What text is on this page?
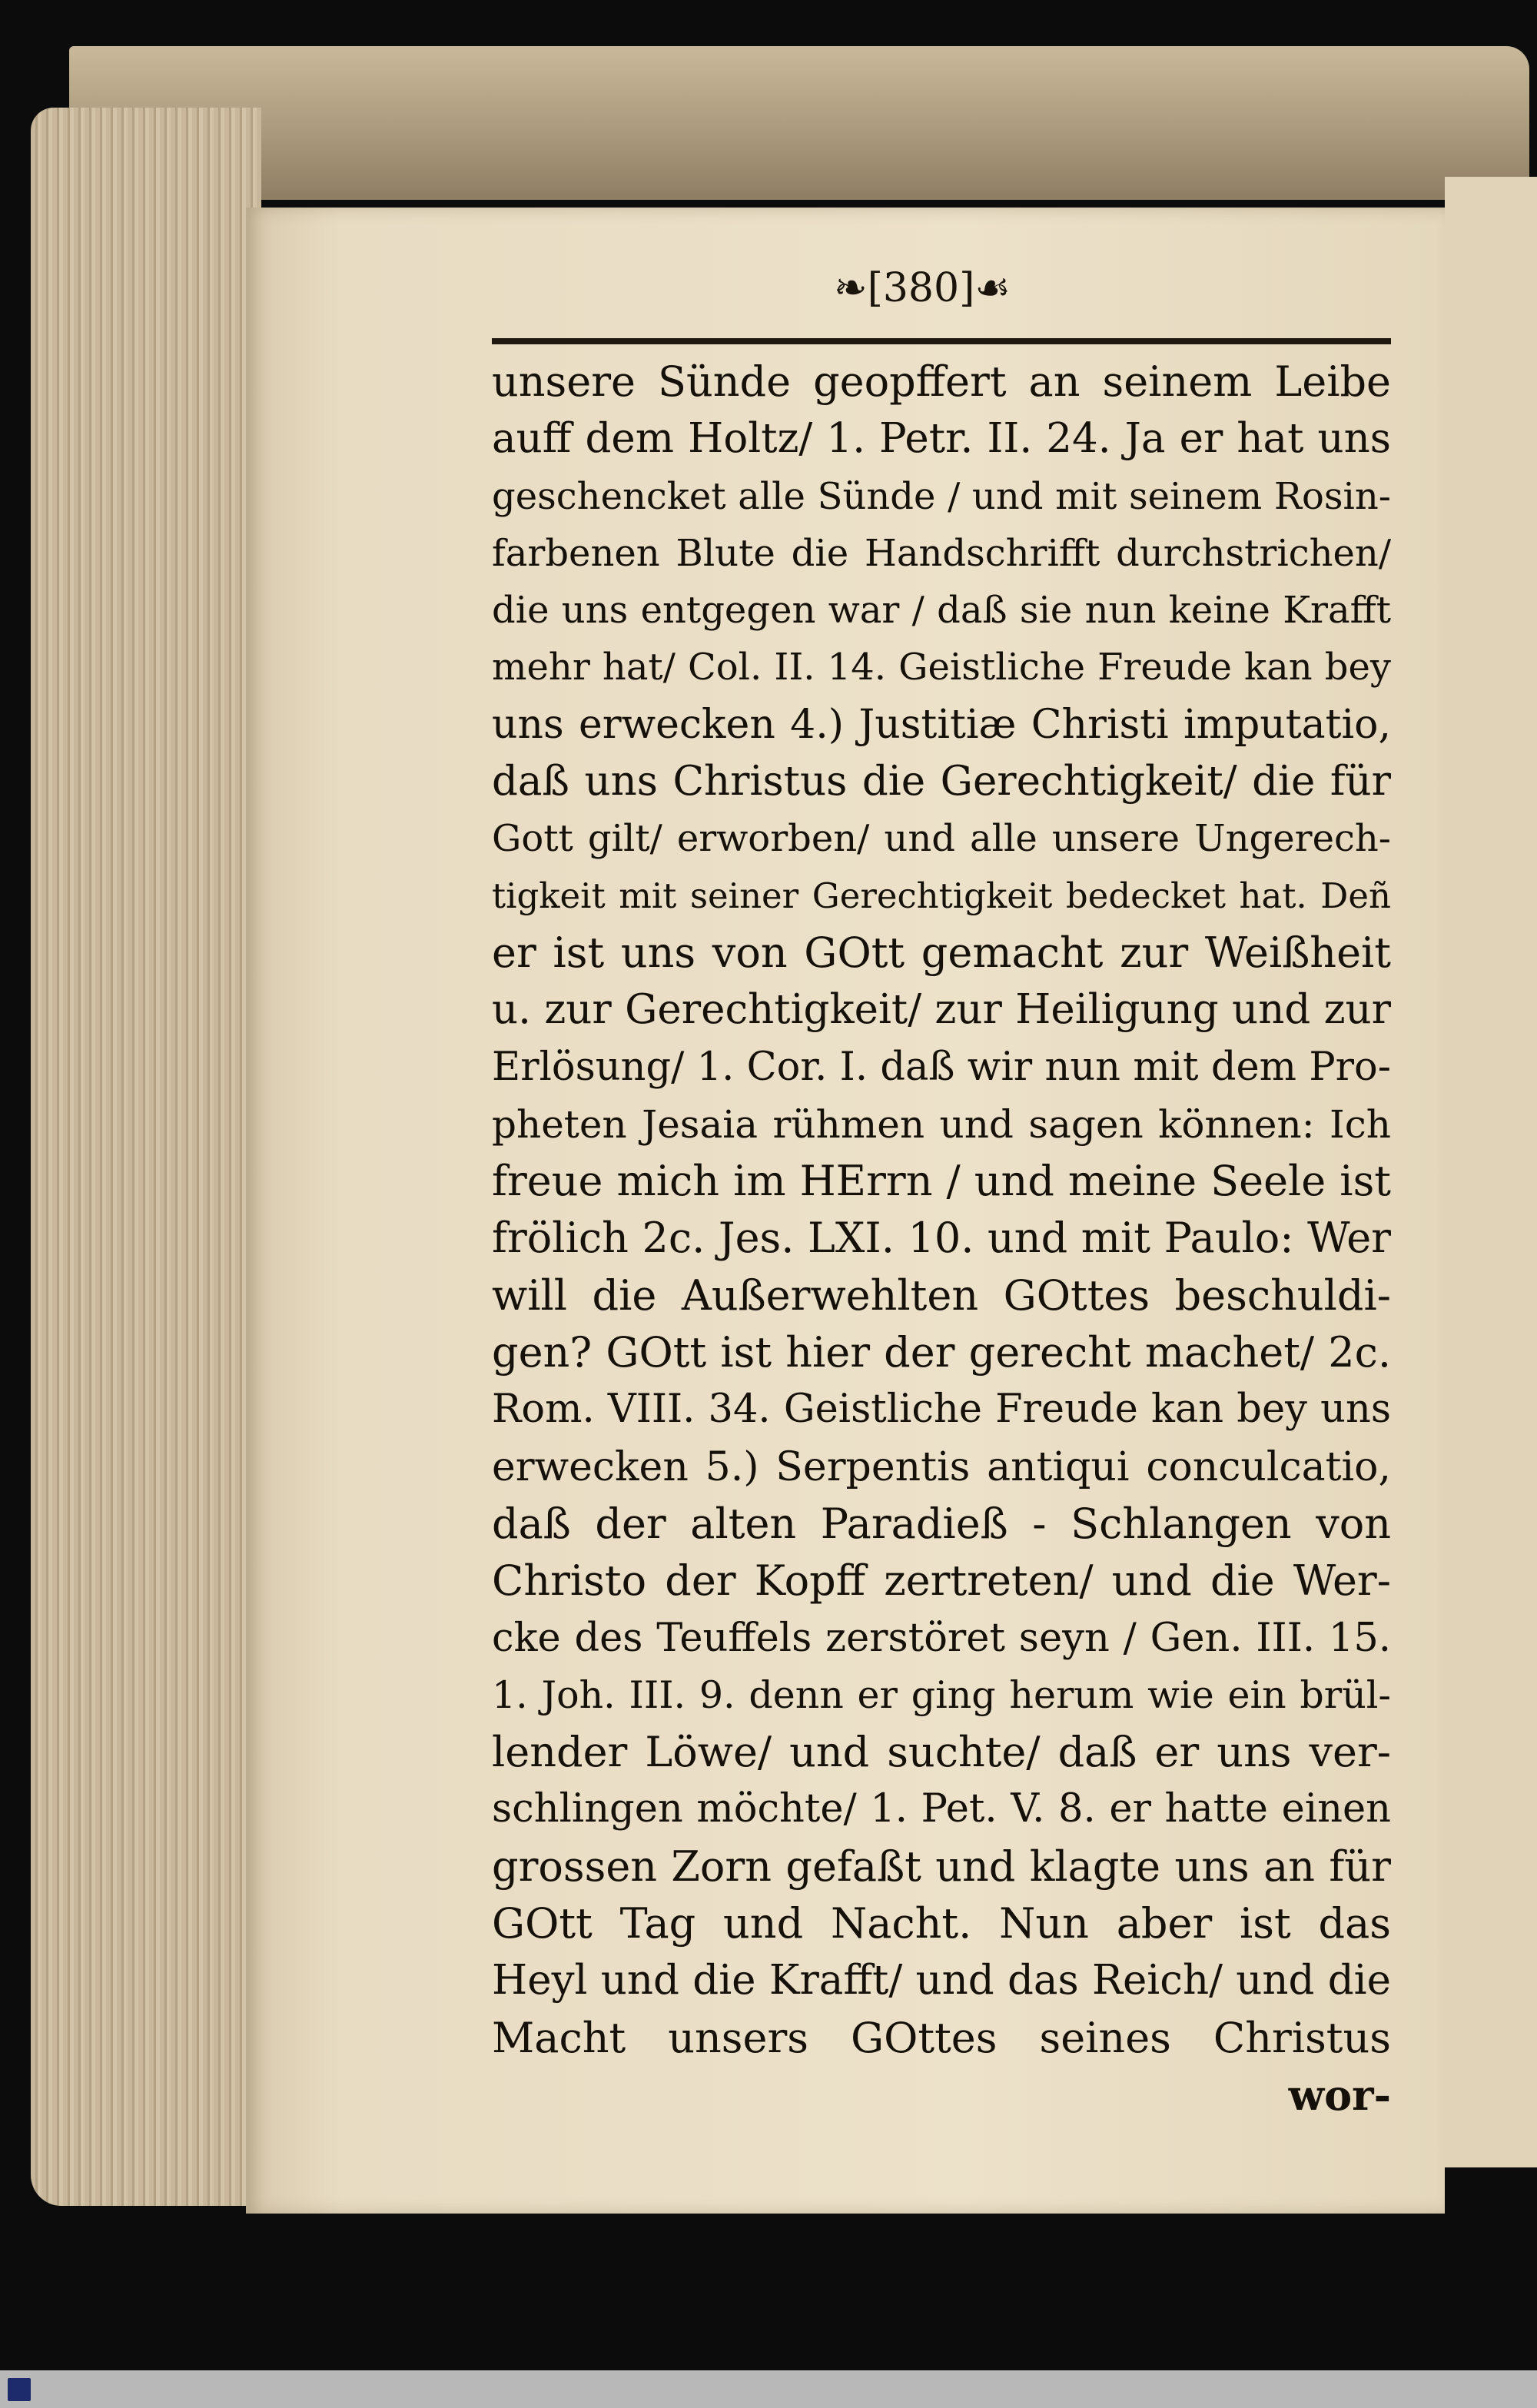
❧[380]☙
unsere Sünde geopffert an seinem Leibe
auff dem Holtz/ 1. Petr. II. 24. Ja er hat uns
geschencket alle Sünde / und mit seinem Rosin-
farbenen Blute die Handschrifft durchstrichen/
die uns entgegen war / daß sie nun keine Krafft
mehr hat/ Col. II. 14. Geistliche Freude kan bey
uns erwecken 4.) Justitiæ Christi imputatio,
daß uns Christus die Gerechtigkeit/ die für
Gott gilt/ erworben/ und alle unsere Ungerech-
tigkeit mit seiner Gerechtigkeit bedecket hat. Deñ
er ist uns von GOtt gemacht zur Weißheit
u. zur Gerechtigkeit/ zur Heiligung und zur
Erlösung/ 1. Cor. I. daß wir nun mit dem Pro-
pheten Jesaia rühmen und sagen können: Ich
freue mich im HErrn / und meine Seele ist
frölich 2c. Jes. LXI. 10. und mit Paulo: Wer
will die Außerwehlten GOttes beschuldi-
gen? GOtt ist hier der gerecht machet/ 2c.
Rom. VIII. 34. Geistliche Freude kan bey uns
erwecken 5.) Serpentis antiqui conculcatio,
daß der alten Paradieß - Schlangen von
Christo der Kopff zertreten/ und die Wer-
cke des Teuffels zerstöret seyn / Gen. III. 15.
1. Joh. III. 9. denn er ging herum wie ein brül-
lender Löwe/ und suchte/ daß er uns ver-
schlingen möchte/ 1. Pet. V. 8. er hatte einen
grossen Zorn gefaßt und klagte uns an für
GOtt Tag und Nacht. Nun aber ist das
Heyl und die Krafft/ und das Reich/ und die
Macht unsers GOttes seines Christus
wor-
